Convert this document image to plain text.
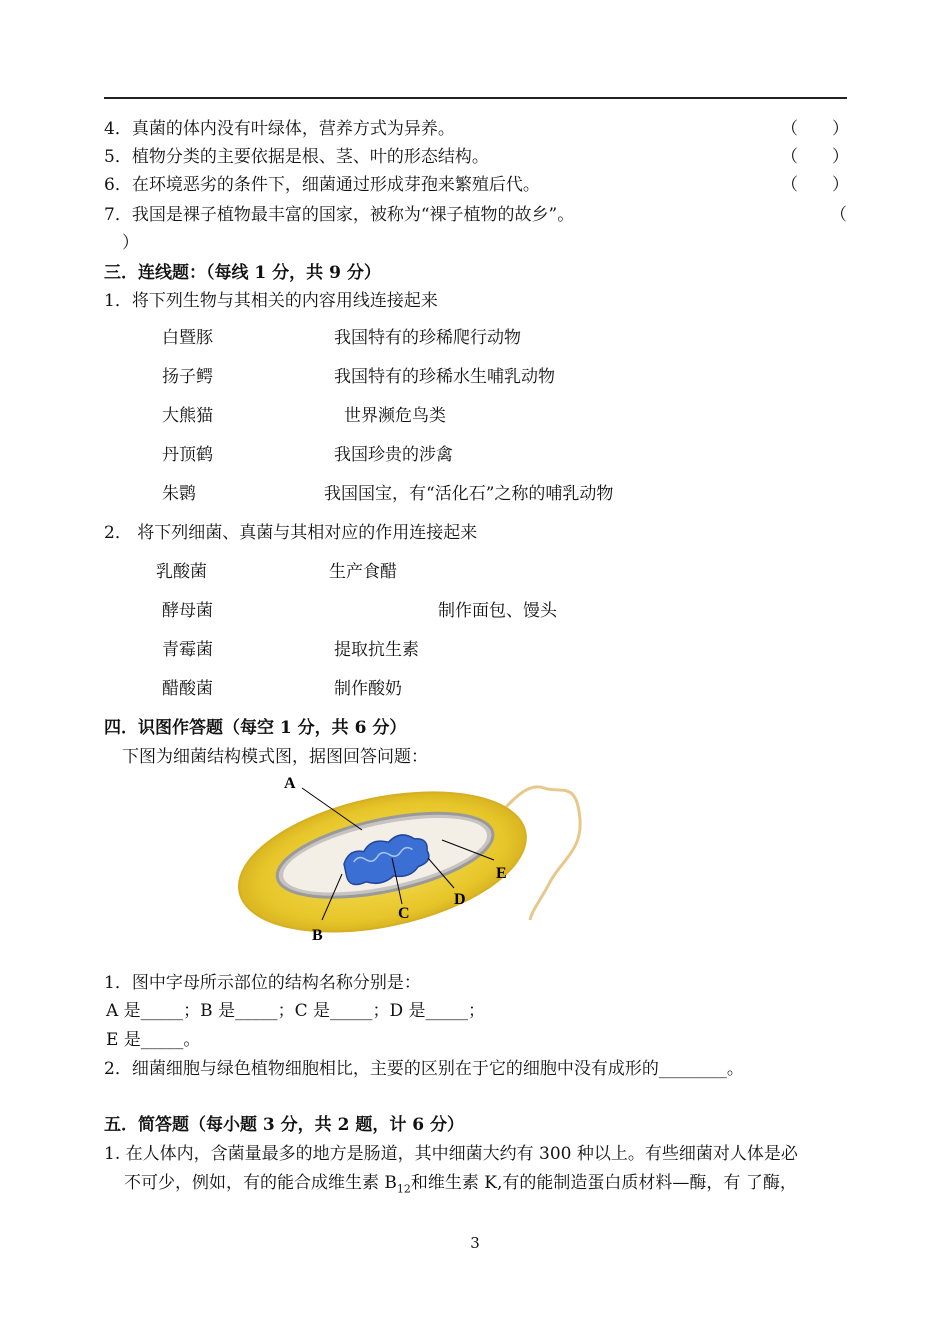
4．真菌的体内没有叶绿体，营养方式为异养。	（　　）
5．植物分类的主要依据是根、茎、叶的形态结构。	（　　）
6．在环境恶劣的条件下，细菌通过形成芽孢来繁殖后代。	（　　）
7．我国是裸子植物最丰富的国家，被称为“裸子植物的故乡”。	（
）
三．连线题：（每线 1 分，共 9 分）
1．将下列生物与其相关的内容用线连接起来
白暨豚	我国特有的珍稀爬行动物
扬子鳄	我国特有的珍稀水生哺乳动物
大熊猫	世界濒危鸟类
丹顶鹤	我国珍贵的涉禽
朱鹮	我国国宝，有“活化石”之称的哺乳动物
2． 将下列细菌、真菌与其相对应的作用连接起来
乳酸菌	生产食醋
酵母菌	制作面包、馒头
青霉菌	提取抗生素
醋酸菌	制作酸奶
四．识图作答题（每空 1 分，共 6 分）
下图为细菌结构模式图，据图回答问题：
A
B
C
D
E
1．图中字母所示部位的结构名称分别是：
A 是_____；B 是_____；C 是_____；D 是_____；
E 是_____。
2．细菌细胞与绿色植物细胞相比，主要的区别在于它的细胞中没有成形的________。
五．简答题（每小题 3 分，共 2 题，计 6 分）
1. 在人体内，含菌量最多的地方是肠道，其中细菌大约有 300 种以上。有些细菌对人体是必
不可少，例如，有的能合成维生素 $B_{12}$和维生素 K,有的能制造蛋白质材料—酶，有 了酶，
3
